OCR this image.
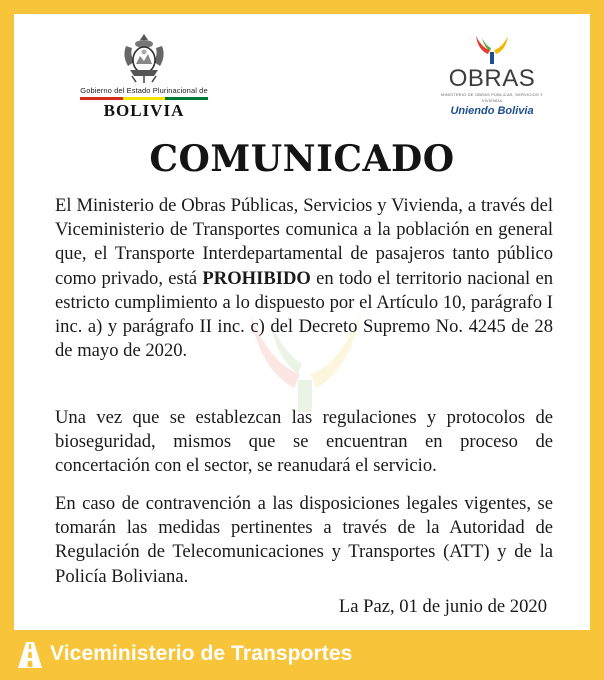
Gobierno del Estado Plurinacional de
BOLIVIA
OBRAS
MINISTERIO DE OBRAS PÚBLICAS, SERVICIOS Y VIVIENDA
Uniendo Bolivia
COMUNICADO

El Ministerio de Obras Públicas, Servicios y Vivienda, a través del Viceministerio de Transportes comunica a la población en general que, el Transporte Interdepartamental de pasajeros tanto público como privado, está PROHIBIDO en todo el territorio nacional en estricto cumplimiento a lo dispuesto por el Artículo 10, parágrafo I inc. a) y parágrafo II inc. c) del Decreto Supremo No. 4245 de 28 de mayo de 2020.

Una vez que se establezcan las regulaciones y protocolos de bioseguridad, mismos que se encuentran en proceso de concertación con el sector, se reanudará el servicio.

En caso de contravención a las disposiciones legales vigentes, se tomarán las medidas pertinentes a través de la Autoridad de Regulación de Telecomunicaciones y Transportes (ATT) y de la Policía Boliviana.

La Paz, 01 de junio de 2020
Viceministerio de Transportes
